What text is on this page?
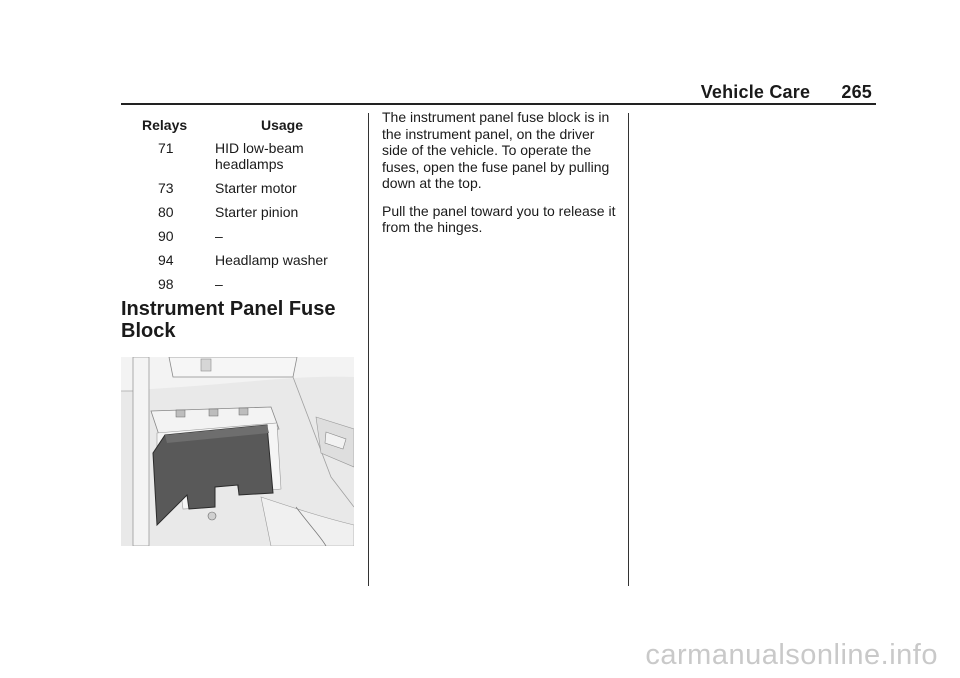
Vehicle Care 265
Relays	Usage
71	HID low-beam headlamps
73	Starter motor
80	Starter pinion
90	–
94	Headlamp washer
98	–
Instrument Panel Fuse Block

The instrument panel fuse block is in the instrument panel, on the driver side of the vehicle. To operate the fuses, open the fuse panel by pulling down at the top.

Pull the panel toward you to release it from the hinges.

carmanualsonline.info
